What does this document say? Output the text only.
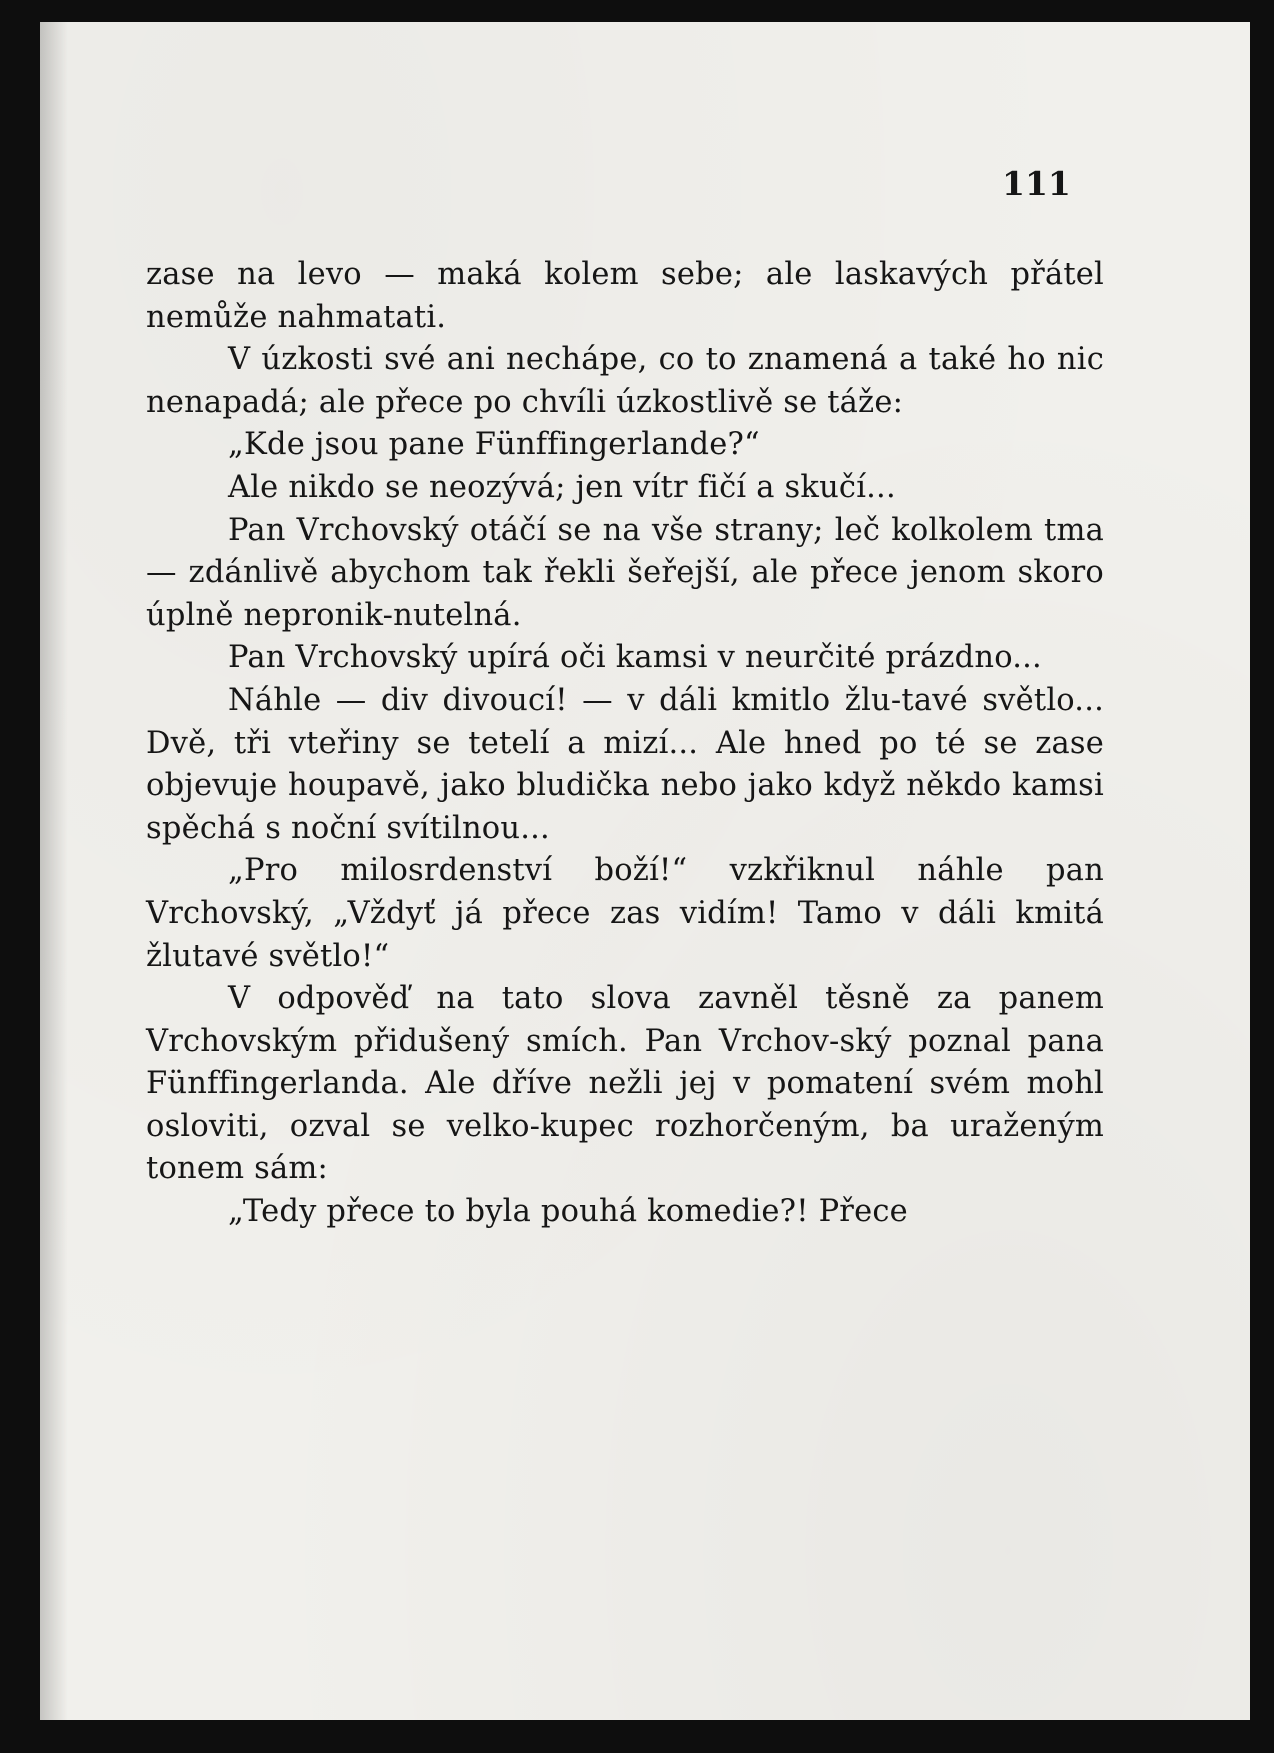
111

zase na levo — maká kolem sebe; ale laskavých přátel nemůže nahmatati.

V úzkosti své ani nechápe, co to znamená a také ho nic nenapadá; ale přece po chvíli úzkostlivě se táže:

„Kde jsou pane Fünffingerlande?“

Ale nikdo se neozývá; jen vítr fičí a skučí...

Pan Vrchovský otáčí se na vše strany; leč kolkolem tma — zdánlivě abychom tak řekli šeřejší, ale přece jenom skoro úplně nepronik-nutelná.

Pan Vrchovský upírá oči kamsi v neurčité prázdno...

Náhle — div divoucí! — v dáli kmitlo žlu-tavé světlo... Dvě, tři vteřiny se tetelí a mizí... Ale hned po té se zase objevuje houpavě, jako bludička nebo jako když někdo kamsi spěchá s noční svítilnou...

„Pro milosrdenství boží!“ vzkřiknul náhle pan Vrchovský, „Vždyť já přece zas vidím! Tamo v dáli kmitá žlutavé světlo!“

V odpověď na tato slova zavněl těsně za panem Vrchovským přidušený smích. Pan Vrchov-ský poznal pana Fünffingerlanda. Ale dříve nežli jej v pomatení svém mohl osloviti, ozval se velko-kupec rozhorčeným, ba uraženým tonem sám:

„Tedy přece to byla pouhá komedie?! Přece
